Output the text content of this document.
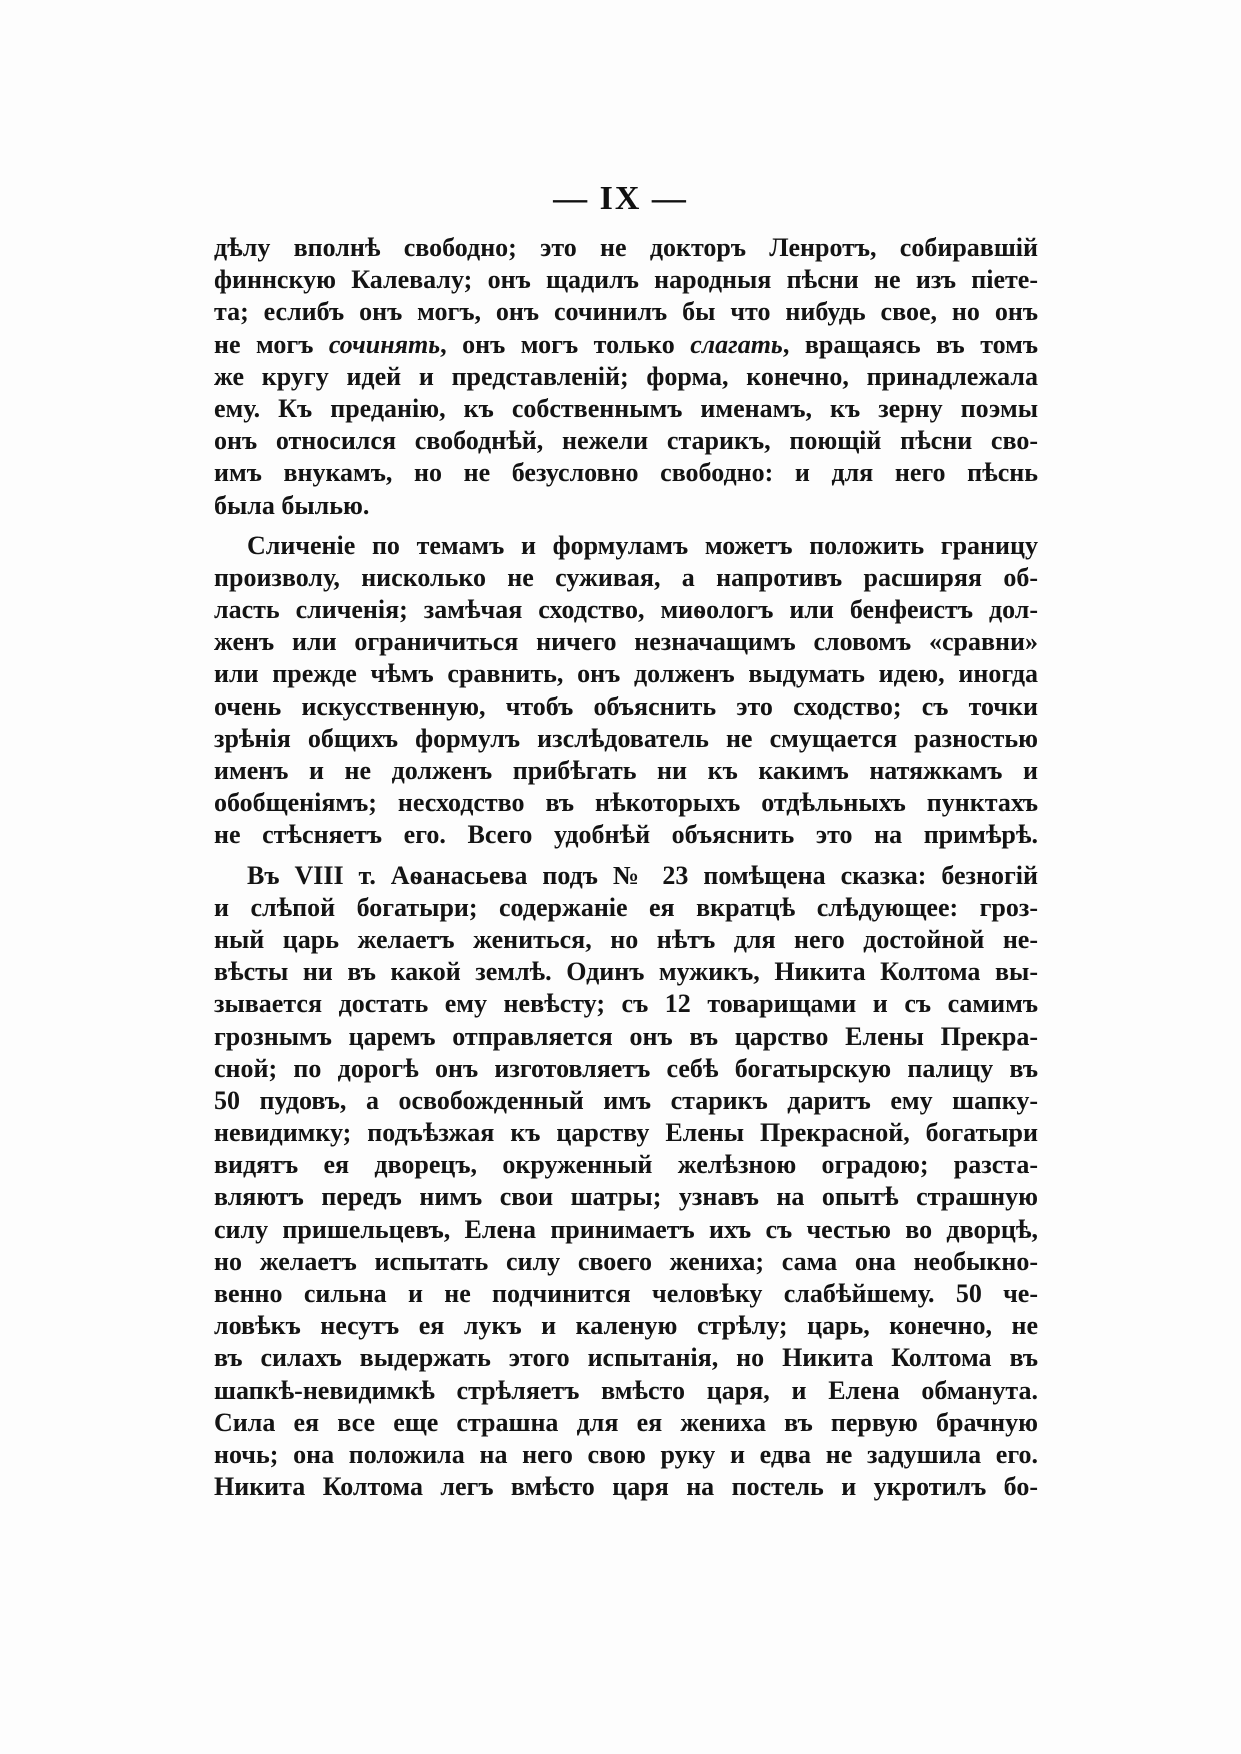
— IX —
дѣлу вполнѣ свободно; это не докторъ Ленротъ, собиравшій
финнскую Калевалу; онъ щадилъ народныя пѣсни не изъ піете-
та; еслибъ онъ могъ, онъ сочинилъ бы что нибудь свое, но онъ
не могъ сочинять, онъ могъ только слагать, вращаясь въ томъ
же кругу идей и представленій; форма, конечно, принадлежала
ему. Къ преданію, къ собственнымъ именамъ, къ зерну поэмы
онъ относился свободнѣй, нежели старикъ, поющій пѣсни сво-
имъ внукамъ, но не безусловно свободно: и для него пѣснь
была былью.
Сличеніе по темамъ и формуламъ можетъ положить границу
произволу, нисколько не суживая, а напротивъ расширяя об-
ласть сличенія; замѣчая сходство, миѳологъ или бенфеистъ дол-
женъ или ограничиться ничего незначащимъ словомъ «сравни»
или прежде чѣмъ сравнить, онъ долженъ выдумать идею, иногда
очень искусственную, чтобъ объяснить это сходство; съ точки
зрѣнія общихъ формулъ изслѣдователь не смущается разностью
именъ и не долженъ прибѣгать ни къ какимъ натяжкамъ и
обобщеніямъ; несходство въ нѣкоторыхъ отдѣльныхъ пунктахъ
не стѣсняетъ его. Всего удобнѣй объяснить это на примѣрѣ.
Въ VIII т. Аѳанасьева подъ № 23 помѣщена сказка: безногій
и слѣпой богатыри; содержаніе ея вкратцѣ слѣдующее: гроз-
ный царь желаетъ жениться, но нѣтъ для него достойной не-
вѣсты ни въ какой землѣ. Одинъ мужикъ, Никита Колтома вы-
зывается достать ему невѣсту; съ 12 товарищами и съ самимъ
грознымъ царемъ отправляется онъ въ царство Елены Прекра-
сной; по дорогѣ онъ изготовляетъ себѣ богатырскую палицу въ
50 пудовъ, а освобожденный имъ старикъ даритъ ему шапку-
невидимку; подъѣзжая къ царству Елены Прекрасной, богатыри
видятъ ея дворецъ, окруженный желѣзною оградою; разста-
вляютъ передъ нимъ свои шатры; узнавъ на опытѣ страшную
силу пришельцевъ, Елена принимаетъ ихъ съ честью во дворцѣ,
но желаетъ испытать силу своего жениха; сама она необыкно-
венно сильна и не подчинится человѣку слабѣйшему. 50 че-
ловѣкъ несутъ ея лукъ и каленую стрѣлу; царь, конечно, не
въ силахъ выдержать этого испытанія, но Никита Колтома въ
шапкѣ-невидимкѣ стрѣляетъ вмѣсто царя, и Елена обманута.
Сила ея все еще страшна для ея жениха въ первую брачную
ночь; она положила на него свою руку и едва не задушила его.
Никита Колтома легъ вмѣсто царя на постель и укротилъ бо-
